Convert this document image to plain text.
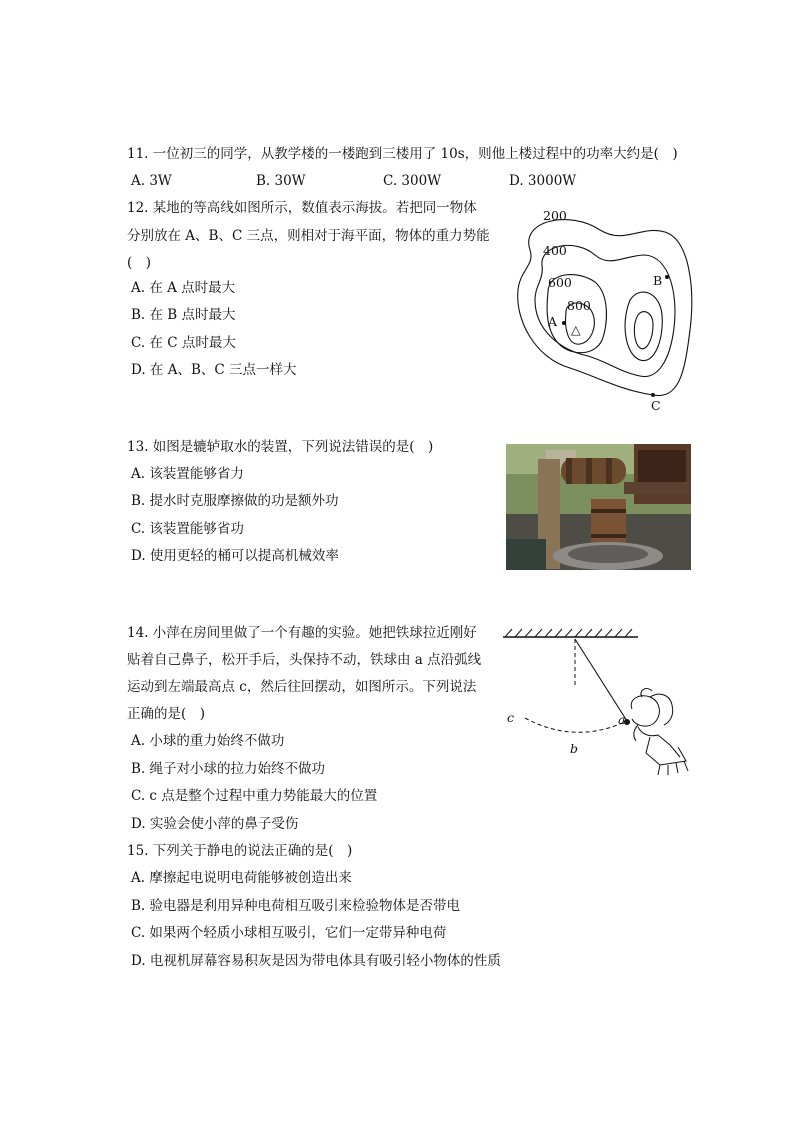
11. 一位初三的同学，从教学楼的一楼跑到三楼用了 10s，则他上楼过程中的功率大约是(　)
A. 3W	B. 30W	C. 300W	D. 3000W
12. 某地的等高线如图所示，数值表示海拔。若把同一物体
分别放在 A、B、C 三点，则相对于海平面，物体的重力势能
(　)
A. 在 A 点时最大
B. 在 B 点时最大
C. 在 C 点时最大
D. 在 A、B、C 三点一样大
200
400
600
800
A
B
C
△
13. 如图是辘轳取水的装置，下列说法错误的是(　)
A. 该装置能够省力
B. 提水时克服摩擦做的功是额外功
C. 该装置能够省功
D. 使用更轻的桶可以提高机械效率
14. 小萍在房间里做了一个有趣的实验。她把铁球拉近刚好
贴着自己鼻子，松开手后，头保持不动，铁球由 a 点沿弧线
运动到左端最高点 c，然后往回摆动，如图所示。下列说法
正确的是(　)
A. 小球的重力始终不做功
B. 绳子对小球的拉力始终不做功
C. c 点是整个过程中重力势能最大的位置
D. 实验会使小萍的鼻子受伤
a
b
c
15. 下列关于静电的说法正确的是(　)
A. 摩擦起电说明电荷能够被创造出来
B. 验电器是利用异种电荷相互吸引来检验物体是否带电
C. 如果两个轻质小球相互吸引，它们一定带异种电荷
D. 电视机屏幕容易积灰是因为带电体具有吸引轻小物体的性质
